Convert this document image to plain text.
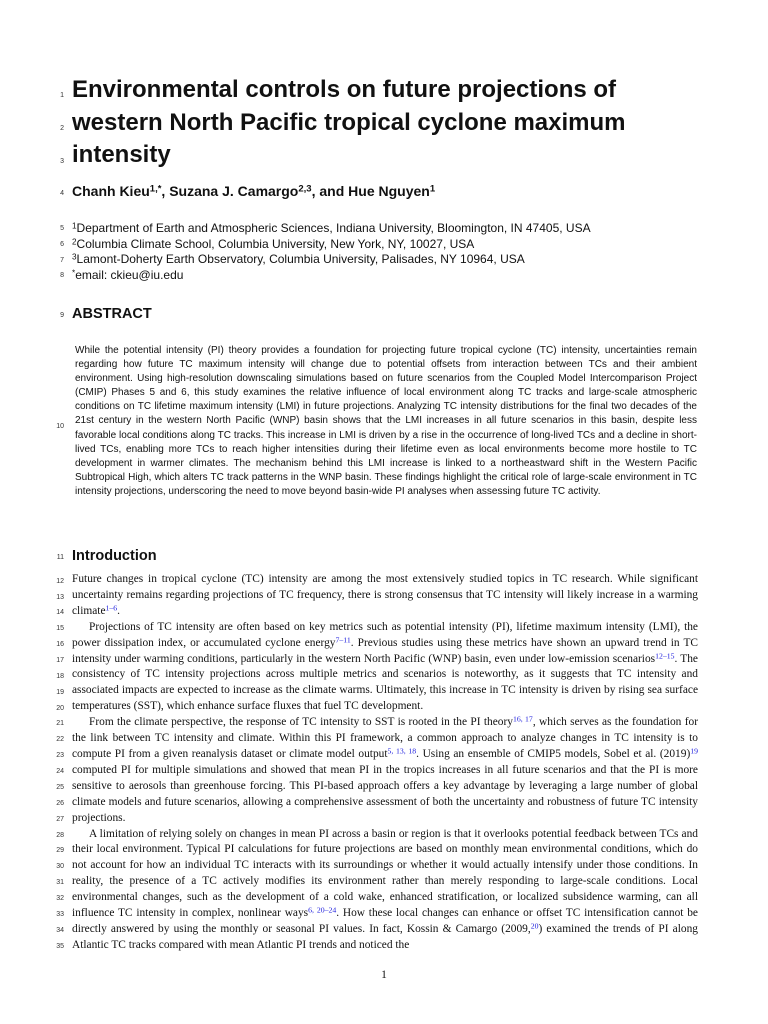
1
2
3
4
5
6
7
8
9
10
11
12
13
14
15
16
17
18
19
20
21
22
23
24
25
26
27
28
29
30
31
32
33
34
35
Environmental controls on future projections of western North Pacific tropical cyclone maximum intensity
Chanh Kieu$^{1,*}$, Suzana J. Camargo$^{2,3}$, and Hue Nguyen$^1$
$^1$Department of Earth and Atmospheric Sciences, Indiana University, Bloomington, IN 47405, USA
$^2$Columbia Climate School, Columbia University, New York, NY, 10027, USA
$^3$Lamont-Doherty Earth Observatory, Columbia University, Palisades, NY 10964, USA
*email: ckieu@iu.edu
ABSTRACT

While the potential intensity (PI) theory provides a foundation for projecting future tropical cyclone (TC) intensity, uncertainties remain regarding how future TC maximum intensity will change due to potential offsets from interaction between TCs and their ambient environment. Using high-resolution downscaling simulations based on future scenarios from the Coupled Model Intercomparison Project (CMIP) Phases 5 and 6, this study examines the relative influence of local environment along TC tracks and large-scale atmospheric conditions on TC lifetime maximum intensity (LMI) in future projections. Analyzing TC intensity distributions for the final two decades of the 21st century in the western North Pacific (WNP) basin shows that the LMI increases in all future scenarios in this basin, despite less favorable local conditions along TC tracks. This increase in LMI is driven by a rise in the occurrence of long-lived TCs and a decline in short-lived TCs, enabling more TCs to reach higher intensities during their lifetime even as local environments become more hostile to TC development in warmer climates. The mechanism behind this LMI increase is linked to a northeastward shift in the Western Pacific Subtropical High, which alters TC track patterns in the WNP basin. These findings highlight the critical role of large-scale environment in TC intensity projections, underscoring the need to move beyond basin-wide PI analyses when assessing future TC activity.

Introduction

Future changes in tropical cyclone (TC) intensity are among the most extensively studied topics in TC research. While significant uncertainty remains regarding projections of TC frequency, there is strong consensus that TC intensity will likely increase in a warming climate$^{1-6}$.

Projections of TC intensity are often based on key metrics such as potential intensity (PI), lifetime maximum intensity (LMI), the power dissipation index, or accumulated cyclone energy$^{7-11}$. Previous studies using these metrics have shown an upward trend in TC intensity under warming conditions, particularly in the western North Pacific (WNP) basin, even under low-emission scenarios$^{12-15}$. The consistency of TC intensity projections across multiple metrics and scenarios is noteworthy, as it suggests that TC intensity and associated impacts are expected to increase as the climate warms. Ultimately, this increase in TC intensity is driven by rising sea surface temperatures (SST), which enhance surface fluxes that fuel TC development.

From the climate perspective, the response of TC intensity to SST is rooted in the PI theory$^{16, 17}$, which serves as the foundation for the link between TC intensity and climate. Within this PI framework, a common approach to analyze changes in TC intensity is to compute PI from a given reanalysis dataset or climate model output$^{5, 13, 18}$. Using an ensemble of CMIP5 models, Sobel et al. (2019)$^{19}$ computed PI for multiple simulations and showed that mean PI in the tropics increases in all future scenarios and that the PI is more sensitive to aerosols than greenhouse forcing. This PI-based approach offers a key advantage by leveraging a large number of global climate models and future scenarios, allowing a comprehensive assessment of both the uncertainty and robustness of future TC intensity projections.

A limitation of relying solely on changes in mean PI across a basin or region is that it overlooks potential feedback between TCs and their local environment. Typical PI calculations for future projections are based on monthly mean environmental conditions, which do not account for how an individual TC interacts with its surroundings or whether it would actually intensify under those conditions. In reality, the presence of a TC actively modifies its environment rather than merely responding to large-scale conditions. Local environmental changes, such as the development of a cold wake, enhanced stratification, or localized subsidence warming, can all influence TC intensity in complex, nonlinear ways$^{6, 20-24}$. How these local changes can enhance or offset TC intensification cannot be directly answered by using the monthly or seasonal PI values. In fact, Kossin & Camargo (2009,20) examined the trends of PI along Atlantic TC tracks compared with mean Atlantic PI trends and noticed the

1
